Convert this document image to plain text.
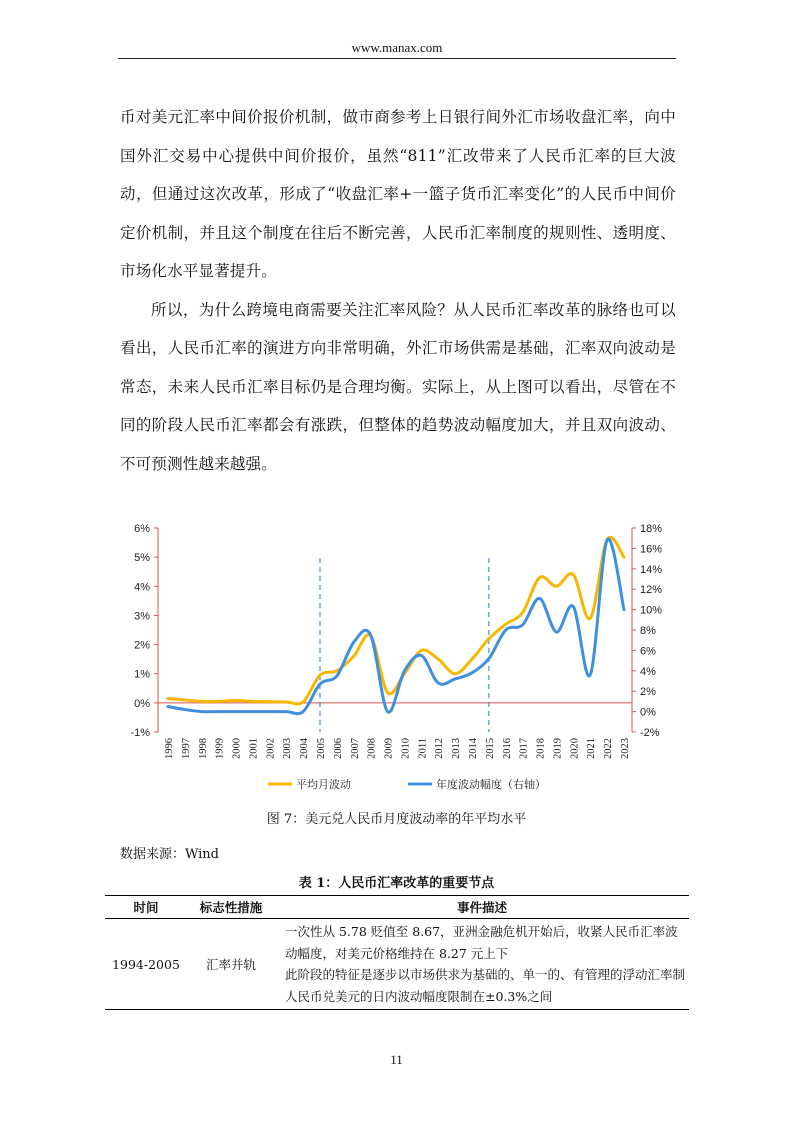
www.manax.com

币对美元汇率中间价报价机制，做市商参考上日银行间外汇市场收盘汇率，向中国外汇交易中心提供中间价报价，虽然“811”汇改带来了人民币汇率的巨大波动，但通过这次改革，形成了“收盘汇率+一篮子货币汇率变化”的人民币中间价定价机制，并且这个制度在往后不断完善，人民币汇率制度的规则性、透明度、市场化水平显著提升。

所以，为什么跨境电商需要关注汇率风险？从人民币汇率改革的脉络也可以看出，人民币汇率的演进方向非常明确，外汇市场供需是基础，汇率双向波动是常态，未来人民币汇率目标仍是合理均衡。实际上，从上图可以看出，尽管在不同的阶段人民币汇率都会有涨跌，但整体的趋势波动幅度加大，并且双向波动、不可预测性越来越强。

6%
5%
4%
3%
2%
1%
0%
-1%
18%
16%
14%
12%
10%
8%
6%
4%
2%
0%
-2%
1996 1997 1998 1999 2000 2001 2002 2003 2004 2005 2006 2007 2008 2009 2010 2011 2012 2013 2014 2015 2016 2017 2018 2019 2020 2021 2022 2023
平均月波动	年度波动幅度（右轴）
图 7：美元兑人民币月度波动率的年平均水平
数据来源：Wind
表 1：人民币汇率改革的重要节点
时间	标志性措施	事件描述
1994-2005	汇率并轨	一次性从 5.78 贬值至 8.67，亚洲金融危机开始后，收紧人民币汇率波动幅度，对美元价格维持在 8.27 元上下
此阶段的特征是逐步以市场供求为基础的、单一的、有管理的浮动汇率制
人民币兑美元的日内波动幅度限制在±0.3%之间
11
